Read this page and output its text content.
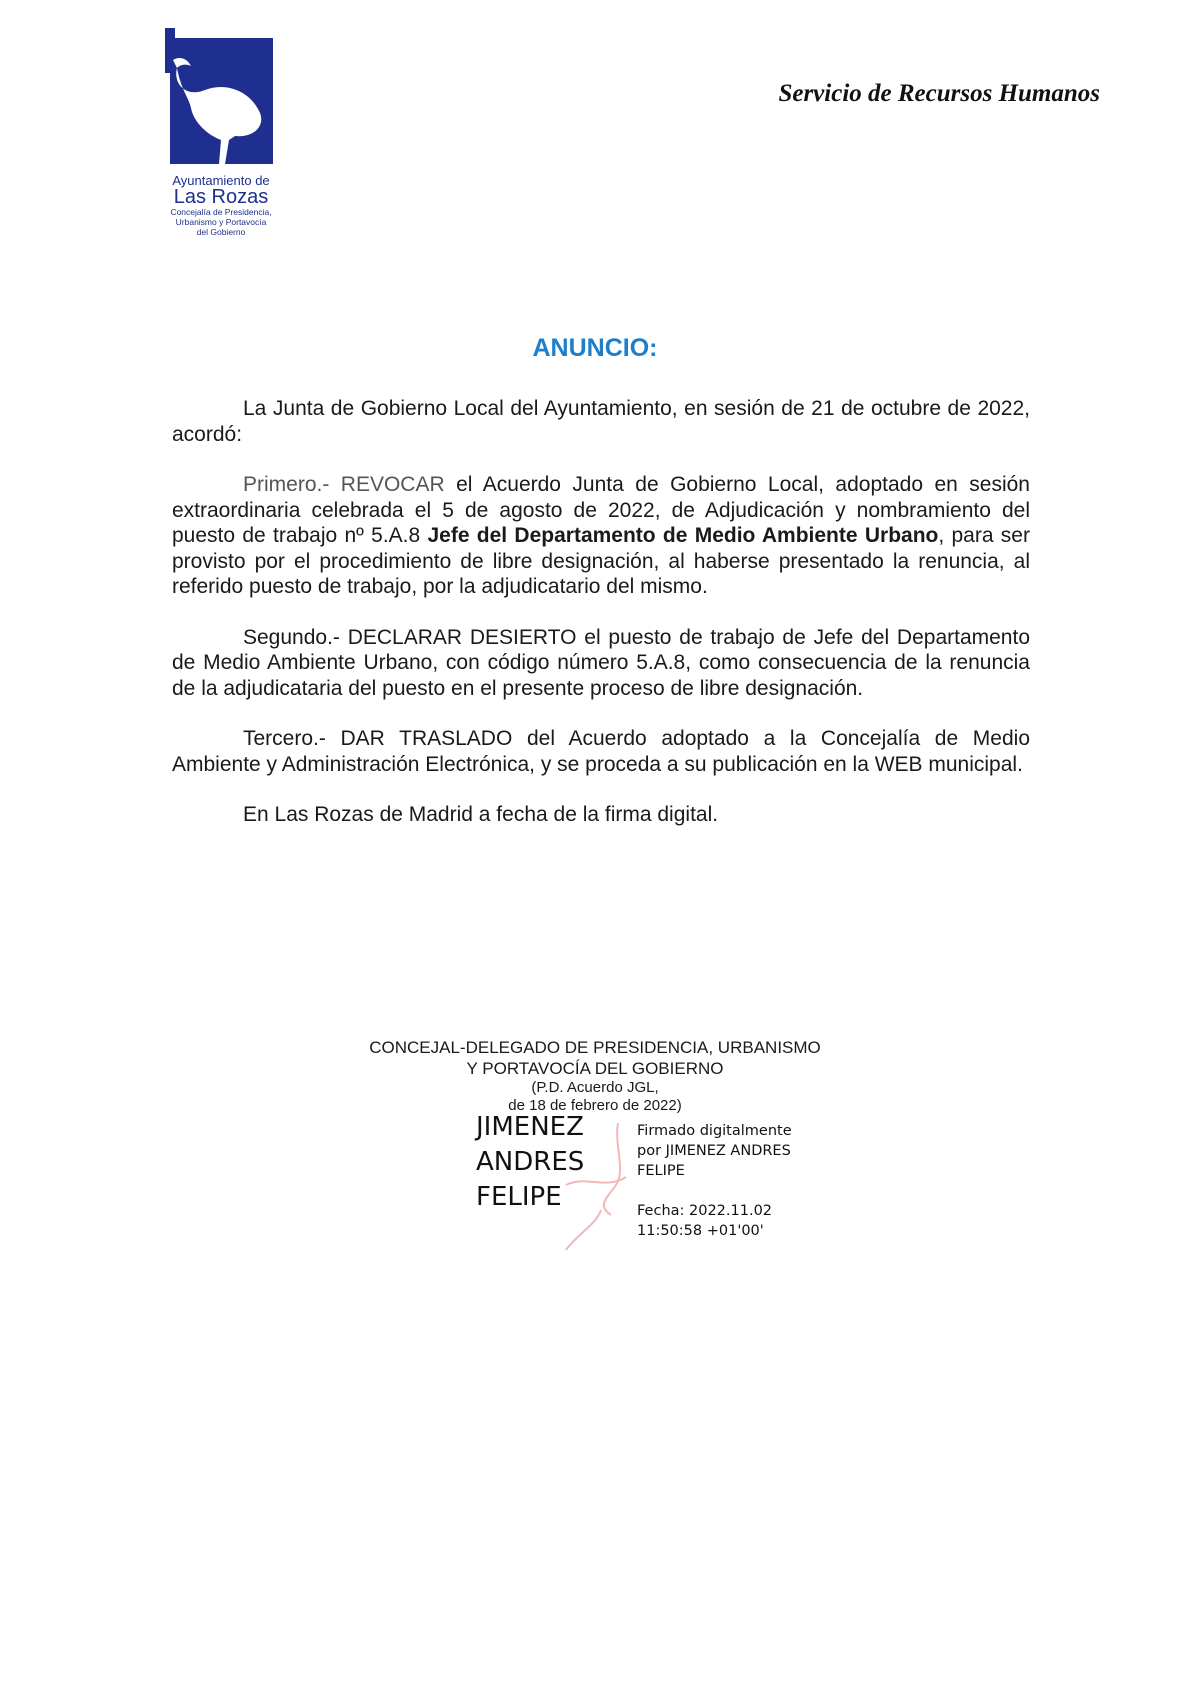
Ayuntamiento de
Las Rozas
Concejalía de Presidencia,
Urbanismo y Portavocía
del Gobierno
Servicio de Recursos Humanos
ANUNCIO:

La Junta de Gobierno Local del Ayuntamiento, en sesión de 21 de octubre de 2022, acordó:

Primero.- REVOCAR el Acuerdo Junta de Gobierno Local, adoptado en sesión extraordinaria celebrada el 5 de agosto de 2022, de Adjudicación y nombramiento del puesto de trabajo nº 5.A.8 Jefe del Departamento de Medio Ambiente Urbano, para ser provisto por el procedimiento de libre designación, al haberse presentado la renuncia, al referido puesto de trabajo, por la adjudicatario del mismo.

Segundo.- DECLARAR DESIERTO el puesto de trabajo de Jefe del Departamento de Medio Ambiente Urbano, con código número 5.A.8, como consecuencia de la renuncia de la adjudicataria del puesto en el presente proceso de libre designación.

Tercero.- DAR TRASLADO del Acuerdo adoptado a la Concejalía de Medio Ambiente y Administración Electrónica, y se proceda a su publicación en la WEB municipal.

En Las Rozas de Madrid a fecha de la firma digital.

CONCEJAL-DELEGADO DE PRESIDENCIA, URBANISMO
Y PORTAVOCÍA DEL GOBIERNO
(P.D. Acuerdo JGL,
de 18 de febrero de 2022)
JIMENEZ
ANDRES
FELIPE
Firmado digitalmente
por JIMENEZ ANDRES
FELIPE
Fecha: 2022.11.02
11:50:58 +01'00'
